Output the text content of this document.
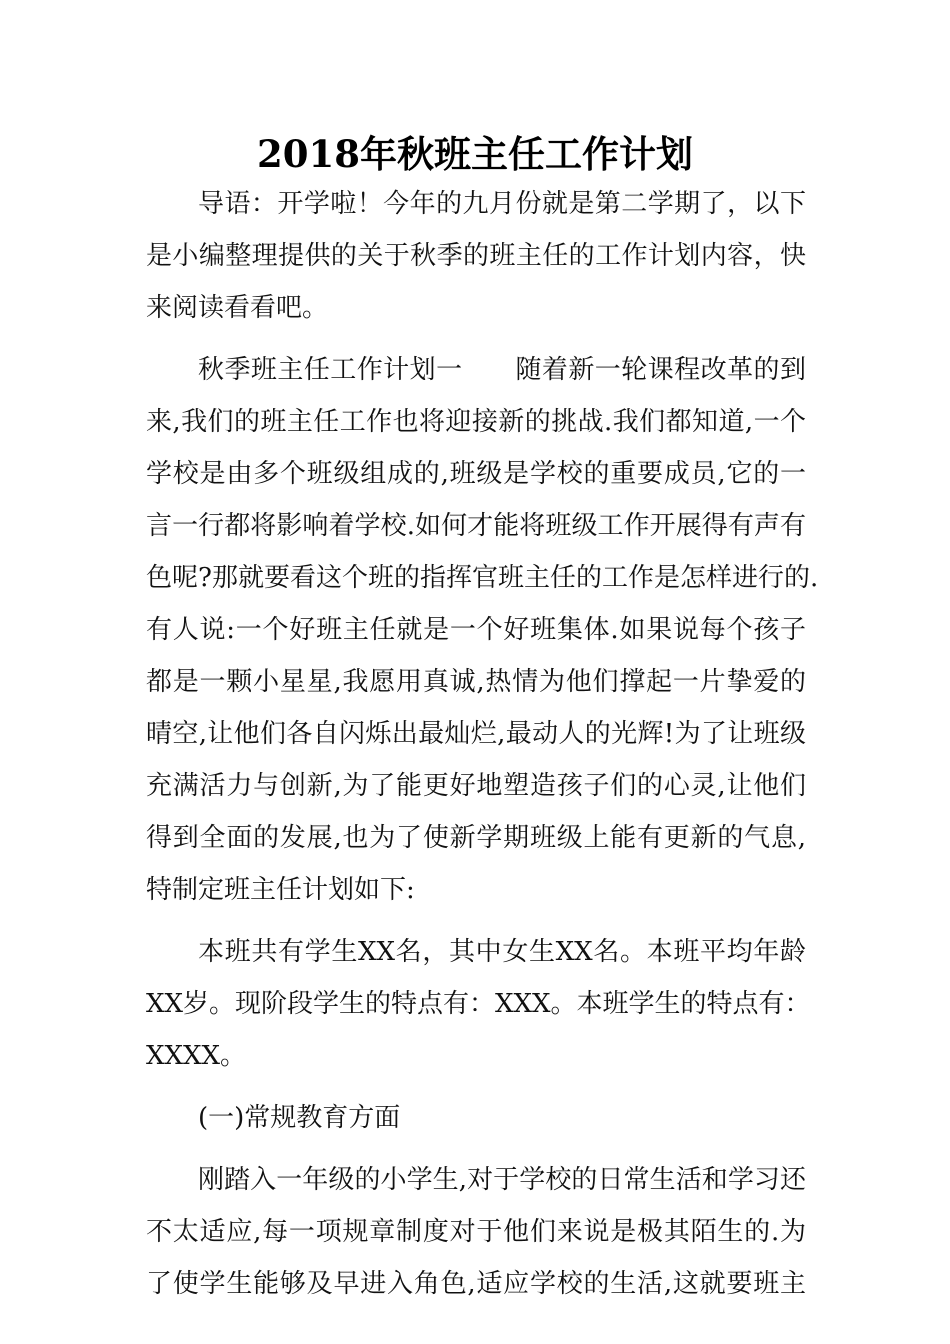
2018年秋班主任工作计划

导语：开学啦！今年的九月份就是第二学期了，以下
是小编整理提供的关于秋季的班主任的工作计划内容，快
来阅读看看吧。

秋季班主任工作计划一　　随着新一轮课程改革的到
来,我们的班主任工作也将迎接新的挑战.我们都知道,一个
学校是由多个班级组成的,班级是学校的重要成员,它的一
言一行都将影响着学校.如何才能将班级工作开展得有声有
色呢?那就要看这个班的指挥官班主任的工作是怎样进行的.
有人说:一个好班主任就是一个好班集体.如果说每个孩子
都是一颗小星星,我愿用真诚,热情为他们撑起一片挚爱的
晴空,让他们各自闪烁出最灿烂,最动人的光辉!为了让班级
充满活力与创新,为了能更好地塑造孩子们的心灵,让他们
得到全面的发展,也为了使新学期班级上能有更新的气息,
特制定班主任计划如下:

本班共有学生XX名，其中女生XX名。本班平均年龄
XX岁。现阶段学生的特点有：XXX。本班学生的特点有：
XXXX。

(一)常规教育方面

刚踏入一年级的小学生,对于学校的日常生活和学习还
不太适应,每一项规章制度对于他们来说是极其陌生的.为
了使学生能够及早进入角色,适应学校的生活,这就要班主
